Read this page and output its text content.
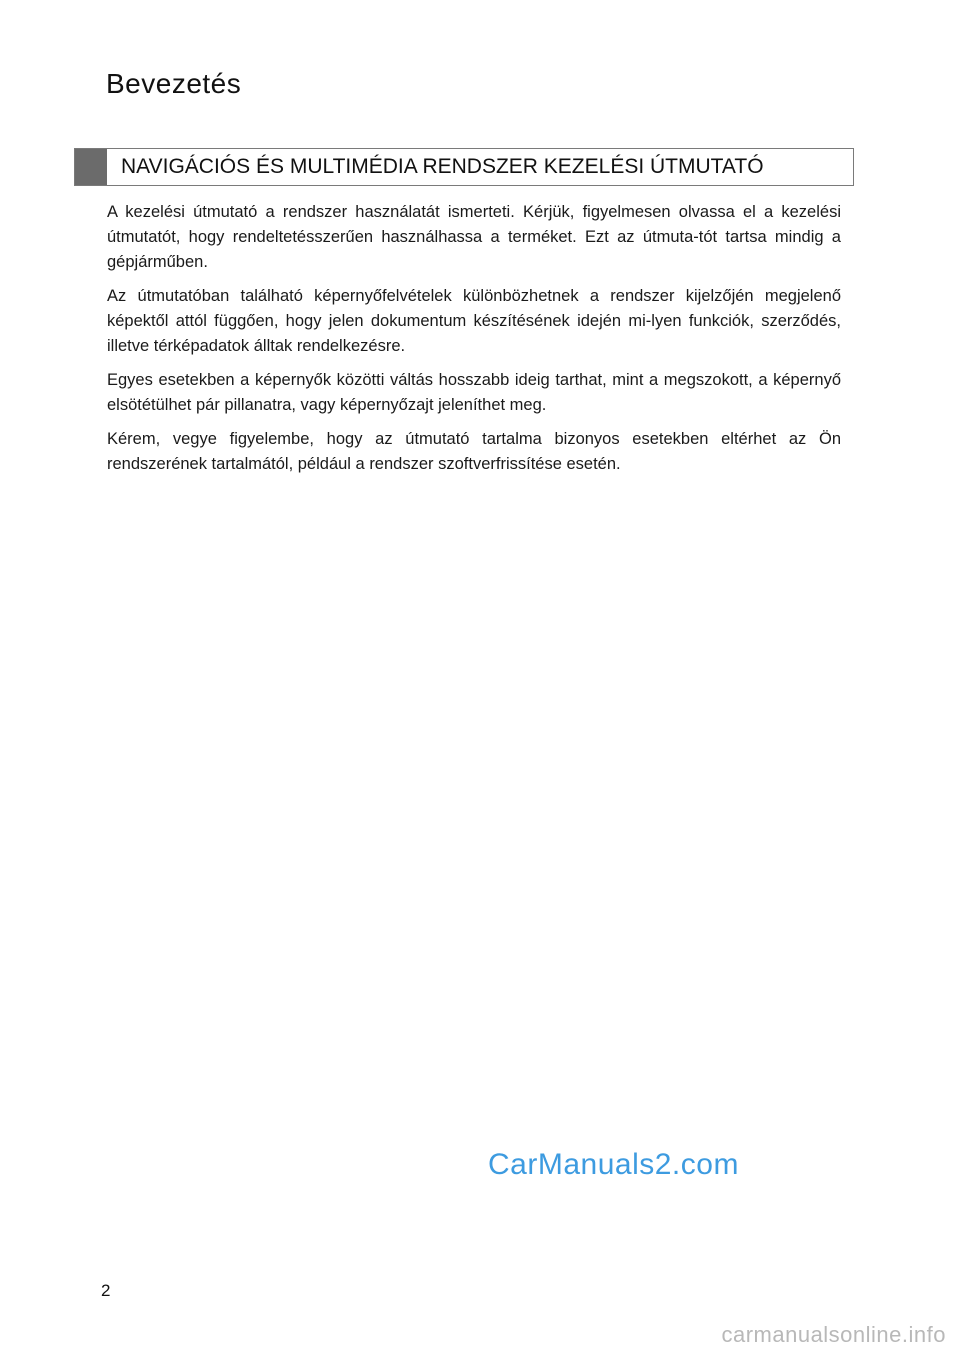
Bevezetés
NAVIGÁCIÓS ÉS MULTIMÉDIA RENDSZER KEZELÉSI ÚTMUTATÓ

A kezelési útmutató a rendszer használatát ismerteti. Kérjük, figyelmesen olvassa el a kezelési útmutatót, hogy rendeltetésszerűen használhassa a terméket. Ezt az útmuta-tót tartsa mindig a gépjárműben.

Az útmutatóban található képernyőfelvételek különbözhetnek a rendszer kijelzőjén megjelenő képektől attól függően, hogy jelen dokumentum készítésének idején mi-lyen funkciók, szerződés, illetve térképadatok álltak rendelkezésre.

Egyes esetekben a képernyők közötti váltás hosszabb ideig tarthat, mint a megszokott, a képernyő elsötétülhet pár pillanatra, vagy képernyőzajt jeleníthet meg.

Kérem, vegye figyelembe, hogy az útmutató tartalma bizonyos esetekben eltérhet az Ön rendszerének tartalmától, például a rendszer szoftverfrissítése esetén.

CarManuals2.com
2
carmanualsonline.info
